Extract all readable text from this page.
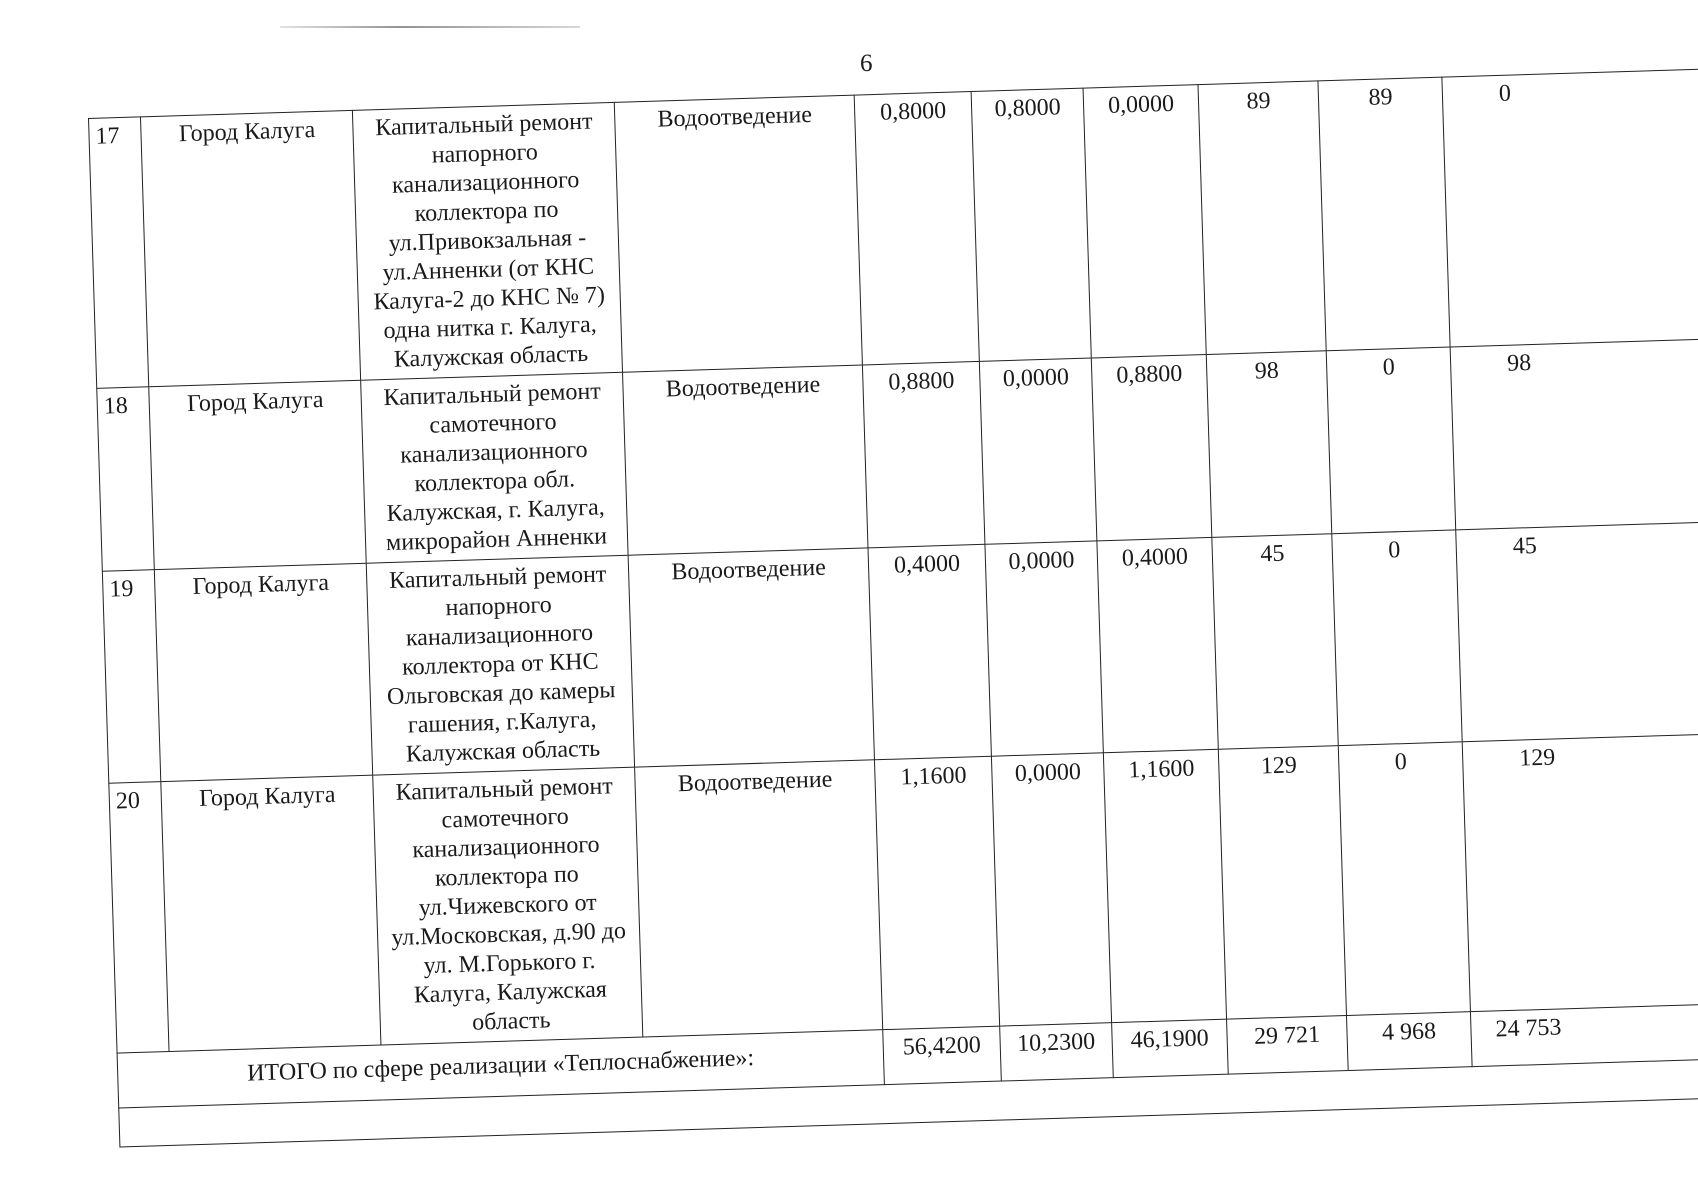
6
17	Город Калуга	Капитальный ремонт напорного канализационного коллектора по ул.Привокзальная - ул.Анненки (от КНС Калуга-2 до КНС № 7) одна нитка г. Калуга, Калужская область	Водоотведение	0,8000	0,8000	0,0000	89	89	0
18	Город Калуга	Капитальный ремонт самотечного канализационного коллектора обл. Калужская, г. Калуга, микрорайон Анненки	Водоотведение	0,8800	0,0000	0,8800	98	0	98
19	Город Калуга	Капитальный ремонт напорного канализационного коллектора от КНС Ольговская до камеры гашения, г.Калуга, Калужская область	Водоотведение	0,4000	0,0000	0,4000	45	0	45
20	Город Калуга	Капитальный ремонт самотечного канализационного коллектора по ул.Чижевского от ул.Московская, д.90 до ул. М.Горького г. Калуга, Калужская область	Водоотведение	1,1600	0,0000	1,1600	129	0	129
ИТОГО по сфере реализации «Теплоснабжение»:				56,4200	10,2300	46,1900	29 721	4 968	24 753
